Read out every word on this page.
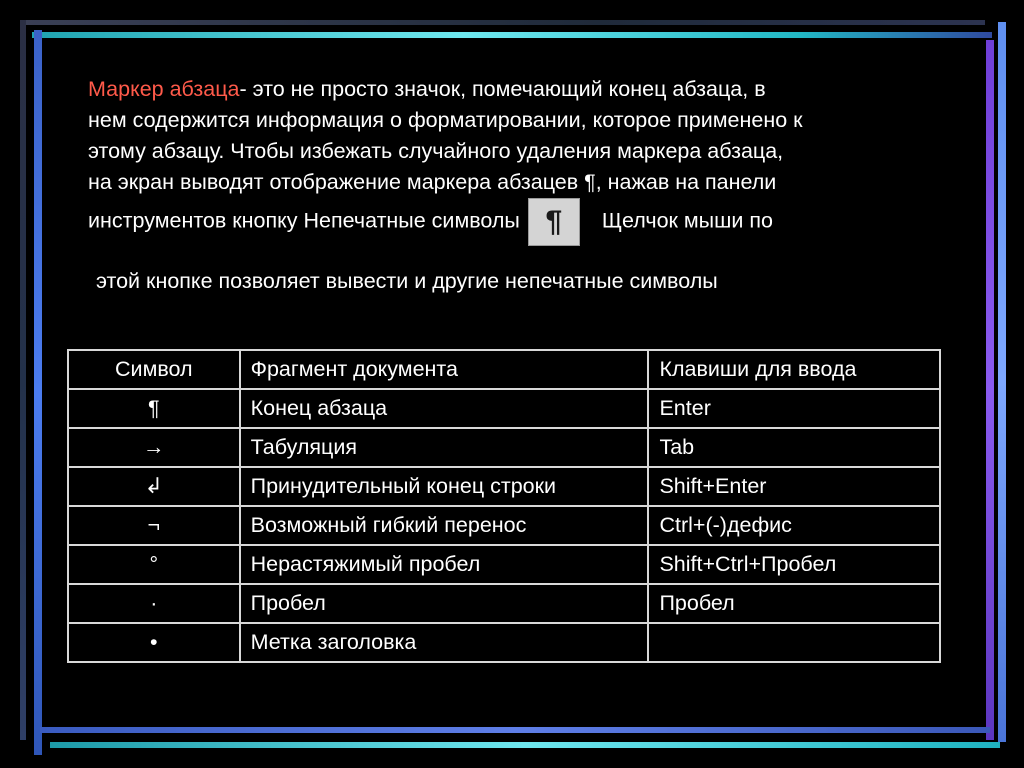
Маркер абзаца- это не просто значок, помечающий конец абзаца, в
нем содержится информация о форматировании, которое применено к
этому абзацу. Чтобы избежать случайного удаления маркера абзаца,
на экран выводят отображение маркера абзацев ¶, нажав на панели
инструментов кнопку Непечатные символы ¶ Щелчок мыши по
этой кнопке позволяет вывести и другие непечатные символы
Символ	Фрагмент документа	Клавиши для ввода
¶	Конец абзаца	Enter
→	Табуляция	Tab
↲	Принудительный конец строки	Shift+Enter
¬	Возможный гибкий перенос	Ctrl+(-)дефис
°	Нерастяжимый пробел	Shift+Ctrl+Пробел
·	Пробел	Пробел
•	Метка заголовка	
